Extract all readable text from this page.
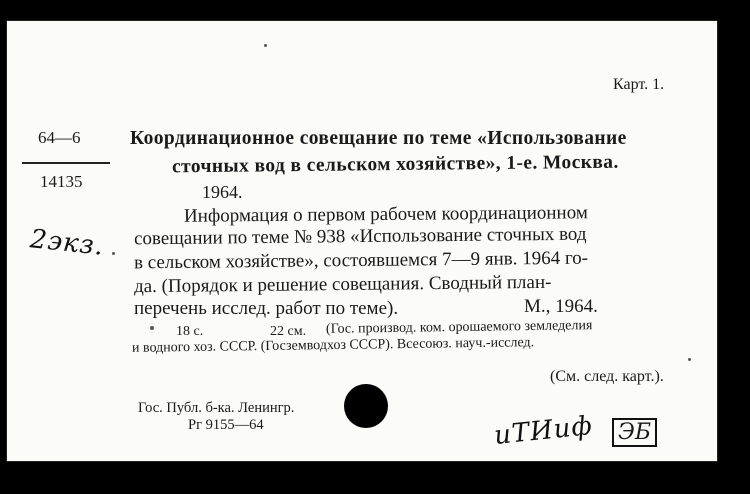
Карт. 1.
64—6
14135
2экз.
Координационное совещание по теме «Использование
сточных вод в сельском хозяйстве», 1-е. Москва.
1964.
Информация о первом рабочем координационном
совещании по теме № 938 «Использование сточных вод
в сельском хозяйстве», состоявшемся 7—9 янв. 1964 го-
да. (Порядок и решение совещания. Сводный план-
перечень исслед. работ по теме).	М., 1964.
18 с.	22 см. (Гос. производ. ком. орошаемого земледелия
и водного хоз. СССР. (Госземводхоз СССР). Всесоюз. науч.-исслед.
(См. след. карт.).
Гос. Публ. б-ка. Ленингр.
Рг 9155—64	иТИиф ЭБ
